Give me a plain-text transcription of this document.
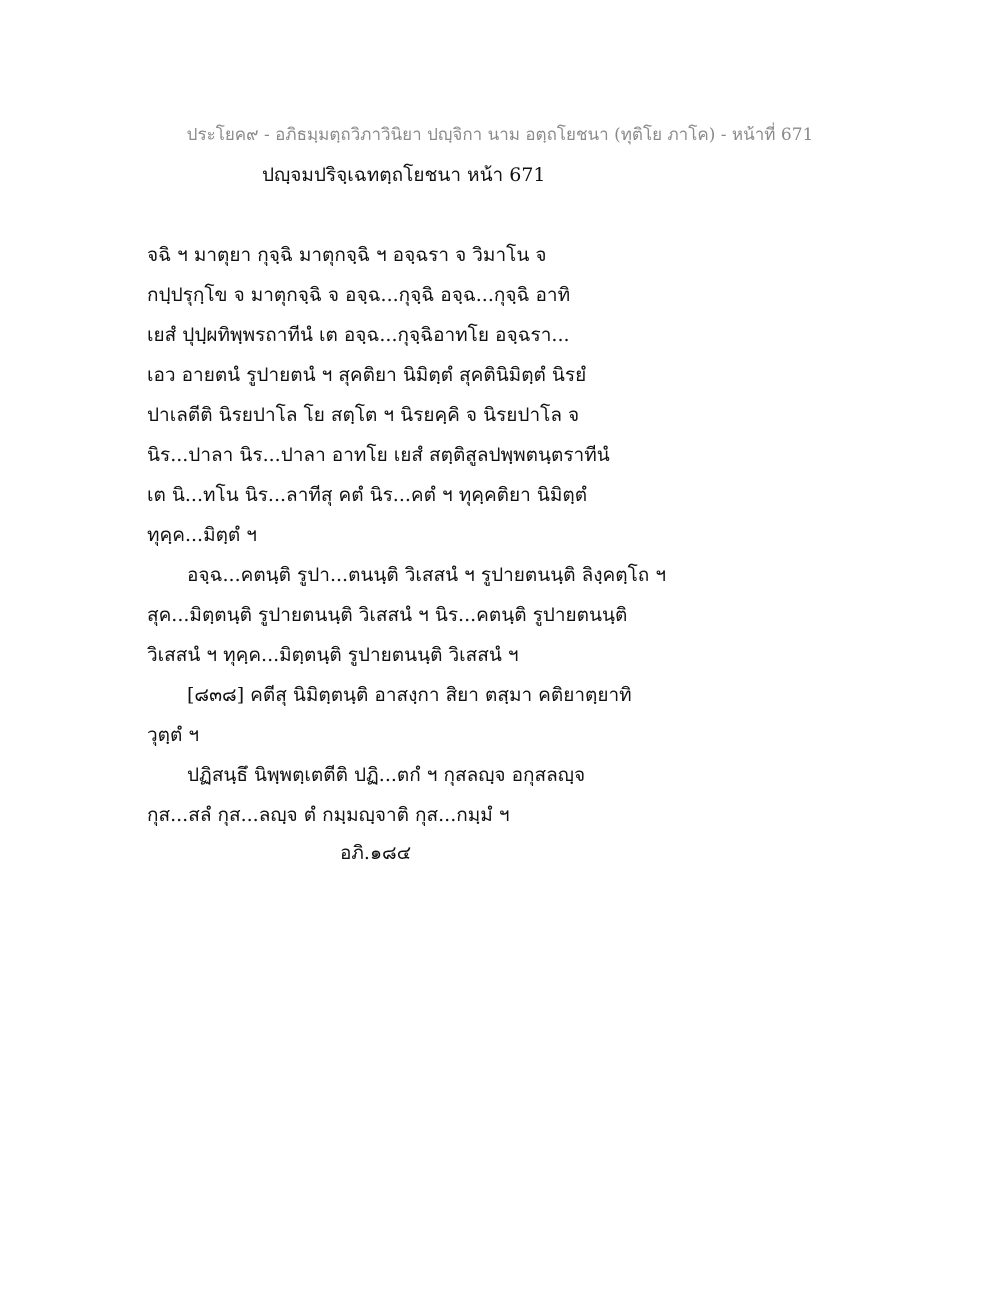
ประโยค๙ - อภิธมฺมตฺถวิภาวินิยา ปญฺจิกา นาม อตฺถโยชนา (ทุติโย ภาโค) - หน้าที่ 671
ปญฺจมปริจฺเฉทตฺถโยชนา หน้า 671
จฉิ ฯ มาตุยา กุจฺฉิ มาตุกจฺฉิ ฯ อจฺฉรา จ วิมาโน จ
กปฺปรุกฺโข จ มาตุกจฺฉิ จ อจฺฉ...กุจฺฉิ อจฺฉ...กุจฺฉิ อาทิ
เยสํ ปุปฺผทิพฺพรถาทีนํ เต อจฺฉ...กุจฺฉิอาทโย อจฺฉรา...
เอว อายตนํ รูปายตนํ ฯ สุคติยา นิมิตฺตํ สุคตินิมิตฺตํ นิรยํ
ปาเลตีติ นิรยปาโล โย สตฺโต ฯ นิรยคฺคิ จ นิรยปาโล จ
นิร...ปาลา นิร...ปาลา อาทโย เยสํ สตฺติสูลปพฺพตนฺตราทีนํ
เต นิ...ทโน นิร...ลาทีสุ คตํ นิร...คตํ ฯ ทุคฺคติยา นิมิตฺตํ
ทุคฺค...มิตฺตํ ฯ
อจฺฉ...คตนฺติ รูปา...ตนนฺติ วิเสสนํ ฯ รูปายตนนฺติ ลิงฺคตฺโถ ฯ
สุค...มิตฺตนฺติ รูปายตนนฺติ วิเสสนํ ฯ นิร...คตนฺติ รูปายตนนฺติ
วิเสสนํ ฯ ทุคฺค...มิตฺตนฺติ รูปายตนนฺติ วิเสสนํ ฯ
[๘๓๘] คตีสุ นิมิตฺตนฺติ อาสงฺกา สิยา ตสฺมา คติยาตฺยาทิ
วุตฺตํ ฯ
ปฏิสนฺธึ นิพฺพตฺเตตีติ ปฏิ...ตกํ ฯ กุสลญฺจ อกุสลญฺจ
กุส...สลํ กุส...ลญฺจ ตํ กมฺมญฺจาติ กุส...กมฺมํ ฯ
อภิ.๑๘๔
